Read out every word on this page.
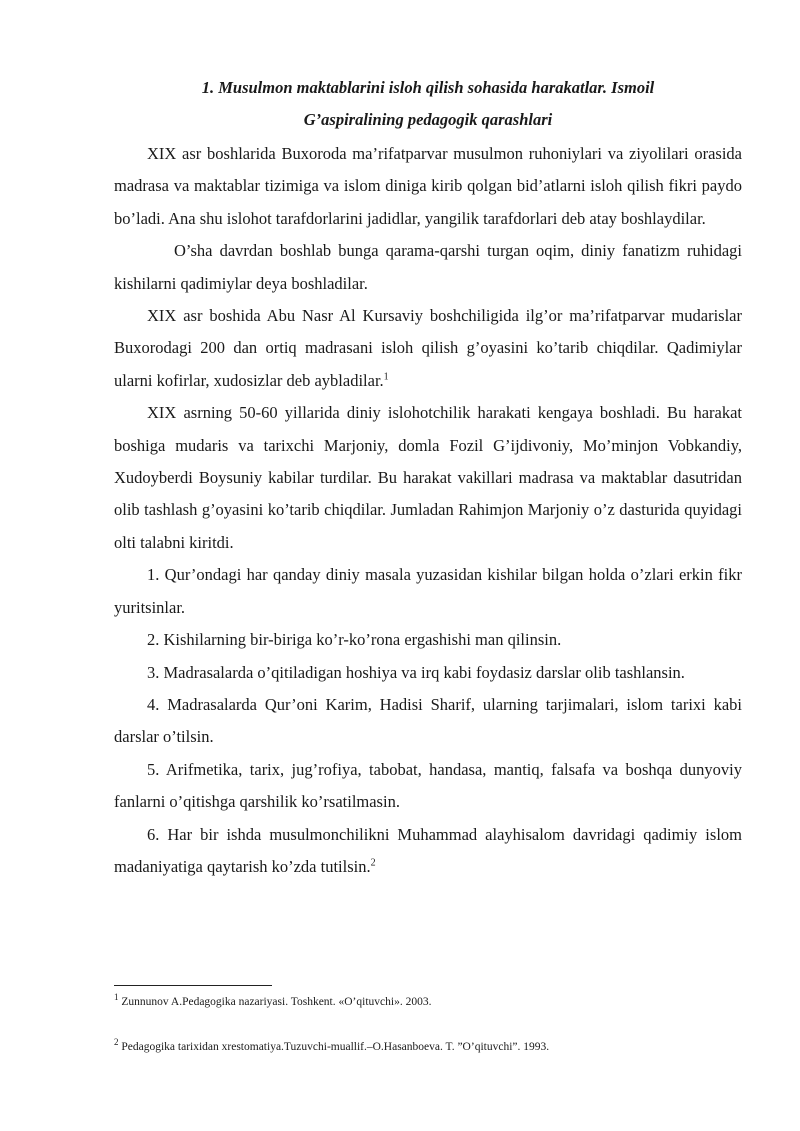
1. Musulmon maktablarini isloh qilish sohasida harakatlar. Ismoil
G’aspiralining pedagogik qarashlari

XIX asr boshlarida Buxoroda ma’rifatparvar musulmon ruhoniylari va ziyolilari orasida madrasa va maktablar tizimiga va islom diniga kirib qolgan bid’atlarni isloh qilish fikri paydo bo’ladi. Ana shu islohot tarafdorlarini jadidlar, yangilik tarafdorlari deb atay boshlaydilar.

O’sha davrdan boshlab bunga qarama-qarshi turgan oqim, diniy fanatizm ruhidagi kishilarni qadimiylar deya boshladilar.

XIX asr boshida Abu Nasr Al Kursaviy boshchiligida ilg’or ma’rifatparvar mudarislar Buxorodagi 200 dan ortiq madrasani isloh qilish g’oyasini ko’tarib chiqdilar. Qadimiylar ularni kofirlar, xudosizlar deb aybladilar.$^1$

XIX asrning 50-60 yillarida diniy islohotchilik harakati kengaya boshladi. Bu harakat boshiga mudaris va tarixchi Marjoniy, domla Fozil G’ijdivoniy, Mo’minjon Vobkandiy, Xudoyberdi Boysuniy kabilar turdilar. Bu harakat vakillari madrasa va maktablar dasutridan olib tashlash g’oyasini ko’tarib chiqdilar. Jumladan Rahimjon Marjoniy o’z dasturida quyidagi olti talabni kiritdi.

1. Qur’ondagi har qanday diniy masala yuzasidan kishilar bilgan holda o’zlari erkin fikr yuritsinlar.

2. Kishilarning bir-biriga ko’r-ko’rona ergashishi man qilinsin.

3. Madrasalarda o’qitiladigan hoshiya va irq kabi foydasiz darslar olib tashlansin.

4. Madrasalarda Qur’oni Karim, Hadisi Sharif, ularning tarjimalari, islom tarixi kabi darslar o’tilsin.

5. Arifmetika, tarix, jug’rofiya, tabobat, handasa, mantiq, falsafa va boshqa dunyoviy fanlarni o’qitishga qarshilik ko’rsatilmasin.

6. Har bir ishda musulmonchilikni Muhammad alayhisalom davridagi qadimiy islom madaniyatiga qaytarish ko’zda tutilsin.$^2$

$^1$ Zunnunov A.Pedagogika nazariyasi. Toshkent. «O’qituvchi». 2003.
$^2$ Pedagogika tarixidan xrestomatiya.Tuzuvchi-muallif.–O.Hasanboeva. T. ”O’qituvchi”. 1993.
